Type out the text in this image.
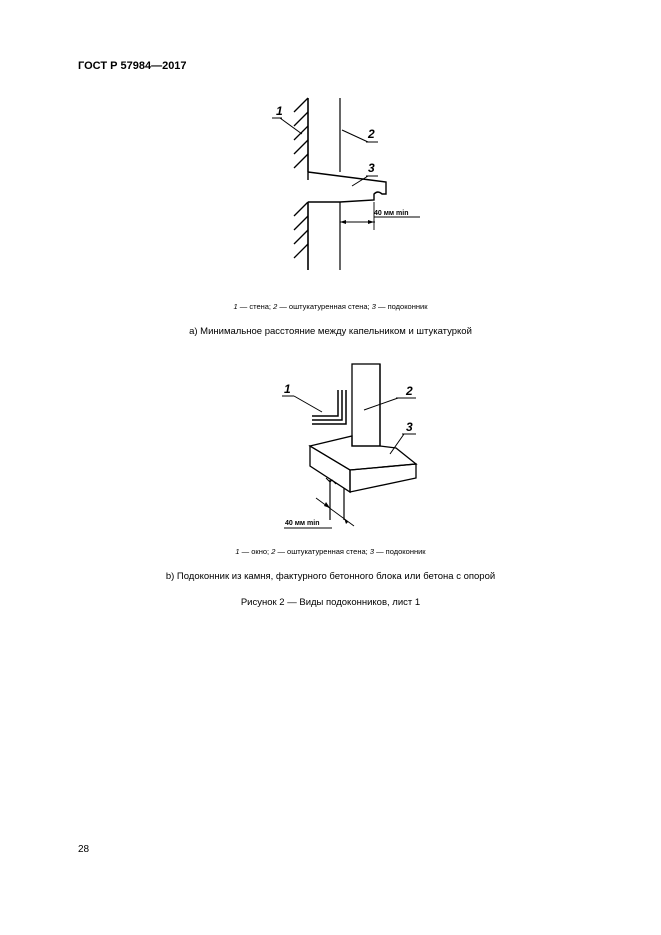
ГОСТ Р 57984—2017
40 мм min
1
2
3
1 — стена; 2 — оштукатуренная стена; 3 — подоконник
а) Минимальное расстояние между капельником и штукатуркой
40 мм min
1	2
3
1 — окно; 2 — оштукатуренная стена; 3 — подоконник
b) Подоконник из камня, фактурного бетонного блока или бетона с опорой
Рисунок 2 — Виды подоконников, лист 1
28
